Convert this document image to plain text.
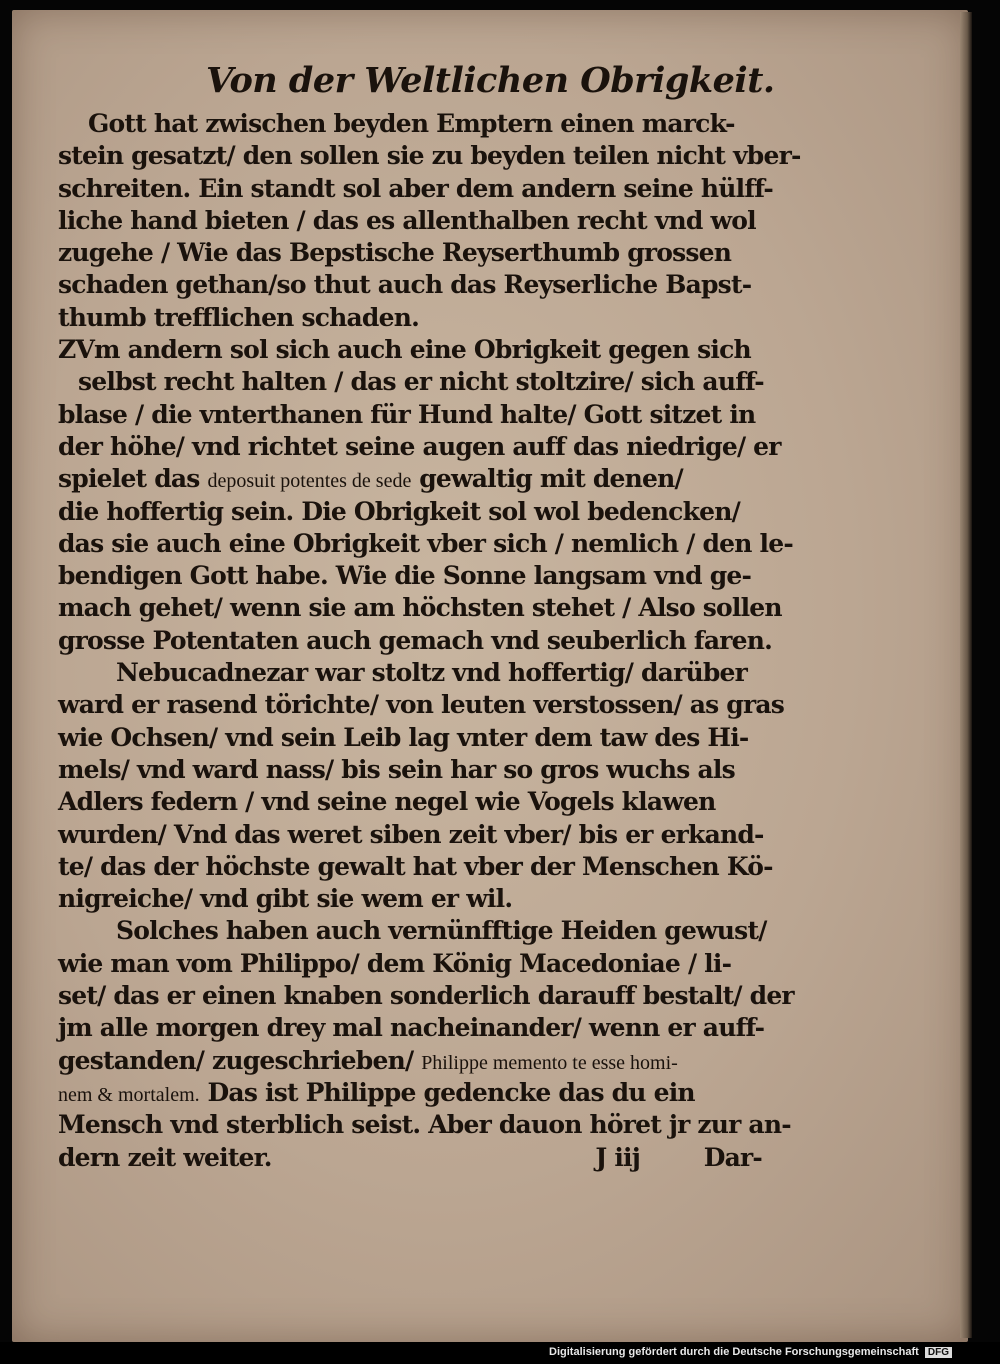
Von der Weltlichen Obrigkeit.
Gott hat zwischen beyden Emptern einen marck-
stein gesatzt/ den sollen sie zu beyden teilen nicht vber-
schreiten. Ein standt sol aber dem andern seine hülff-
liche hand bieten / das es allenthalben recht vnd wol
zugehe / Wie das Bepstische Reyserthumb grossen
schaden gethan/so thut auch das Reyserliche Bapst-
thumb trefflichen schaden.
ZVm andern sol sich auch eine Obrigkeit gegen sich
selbst recht halten / das er nicht stoltzire/ sich auff-
blase / die vnterthanen für Hund halte/ Gott sitzet in
der höhe/ vnd richtet seine augen auff das niedrige/ er
spielet das deposuit potentes de sede gewaltig mit denen/
die hoffertig sein. Die Obrigkeit sol wol bedencken/
das sie auch eine Obrigkeit vber sich / nemlich / den le-
bendigen Gott habe. Wie die Sonne langsam vnd ge-
mach gehet/ wenn sie am höchsten stehet / Also sollen
grosse Potentaten auch gemach vnd seuberlich faren.
Nebucadnezar war stoltz vnd hoffertig/ darüber
ward er rasend törichte/ von leuten verstossen/ as gras
wie Ochsen/ vnd sein Leib lag vnter dem taw des Hi-
mels/ vnd ward nass/ bis sein har so gros wuchs als
Adlers federn / vnd seine negel wie Vogels klawen
wurden/ Vnd das weret siben zeit vber/ bis er erkand-
te/ das der höchste gewalt hat vber der Menschen Kö-
nigreiche/ vnd gibt sie wem er wil.
Solches haben auch vernünfftige Heiden gewust/
wie man vom Philippo/ dem König Macedoniae / li-
set/ das er einen knaben sonderlich darauff bestalt/ der
jm alle morgen drey mal nacheinander/ wenn er auff-
gestanden/ zugeschrieben/ Philippe memento te esse homi-
nem & mortalem. Das ist Philippe gedencke das du ein
Mensch vnd sterblich seist. Aber dauon höret jr zur an-
dern zeit weiter.	J iij	Dar-
Digitalisierung gefördert durch die Deutsche Forschungsgemeinschaft DFG
